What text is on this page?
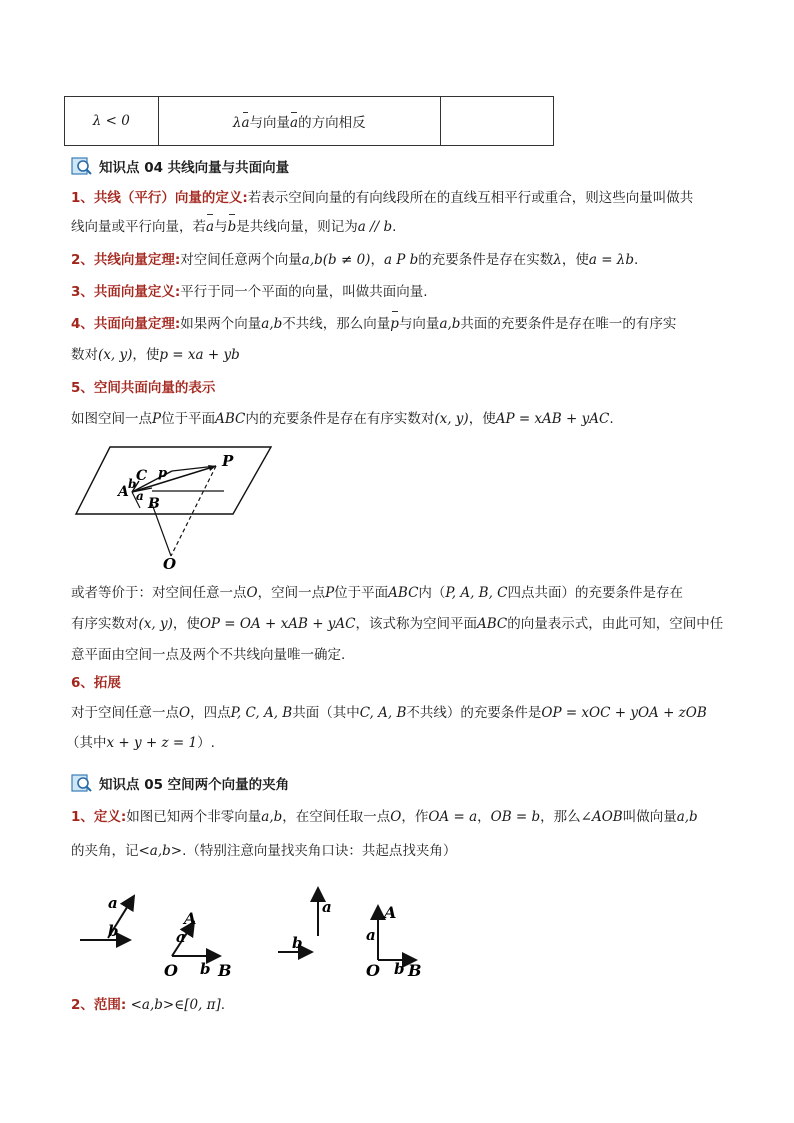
λ < 0	λa与向量a的方向相反	
知识点 04 共线向量与共面向量
1、共线（平行）向量的定义:若表示空间向量的有向线段所在的直线互相平行或重合，则这些向量叫做共
线向量或平行向量，若a与b是共线向量，则记为a // b.
2、共线向量定理:对空间任意两个向量a,b(b ≠ 0)，a P b的充要条件是存在实数λ，使a = λb.
3、共面向量定义:平行于同一个平面的向量，叫做共面向量.
4、共面向量定理:如果两个向量a,b不共线，那么向量p与向量a,b共面的充要条件是存在唯一的有序实
数对(x, y)，使p = xa + yb
5、空间共面向量的表示
如图空间一点P位于平面ABC内的充要条件是存在有序实数对(x, y)，使AP = xAB + yAC.
P
C p
b
A a B
O
或者等价于：对空间任意一点O，空间一点P位于平面ABC内（P, A, B, C四点共面）的充要条件是存在
有序实数对(x, y)，使OP = OA + xAB + yAC，该式称为空间平面ABC的向量表示式，由此可知，空间中任
意平面由空间一点及两个不共线向量唯一确定.
6、拓展
对于空间任意一点O，四点P, C, A, B共面（其中C, A, B不共线）的充要条件是OP = xOC + yOA + zOB
（其中x + y + z = 1）.
知识点 05 空间两个向量的夹角
1、定义:如图已知两个非零向量a,b，在空间任取一点O，作OA = a，OB = b，那么∠AOB叫做向量a,b
的夹角，记<a,b>.（特别注意向量找夹角口诀：共起点找夹角）
a
b
A
a
O b B
a
b
A
a
O b B
2、范围: <a,b>∈[0, π].
